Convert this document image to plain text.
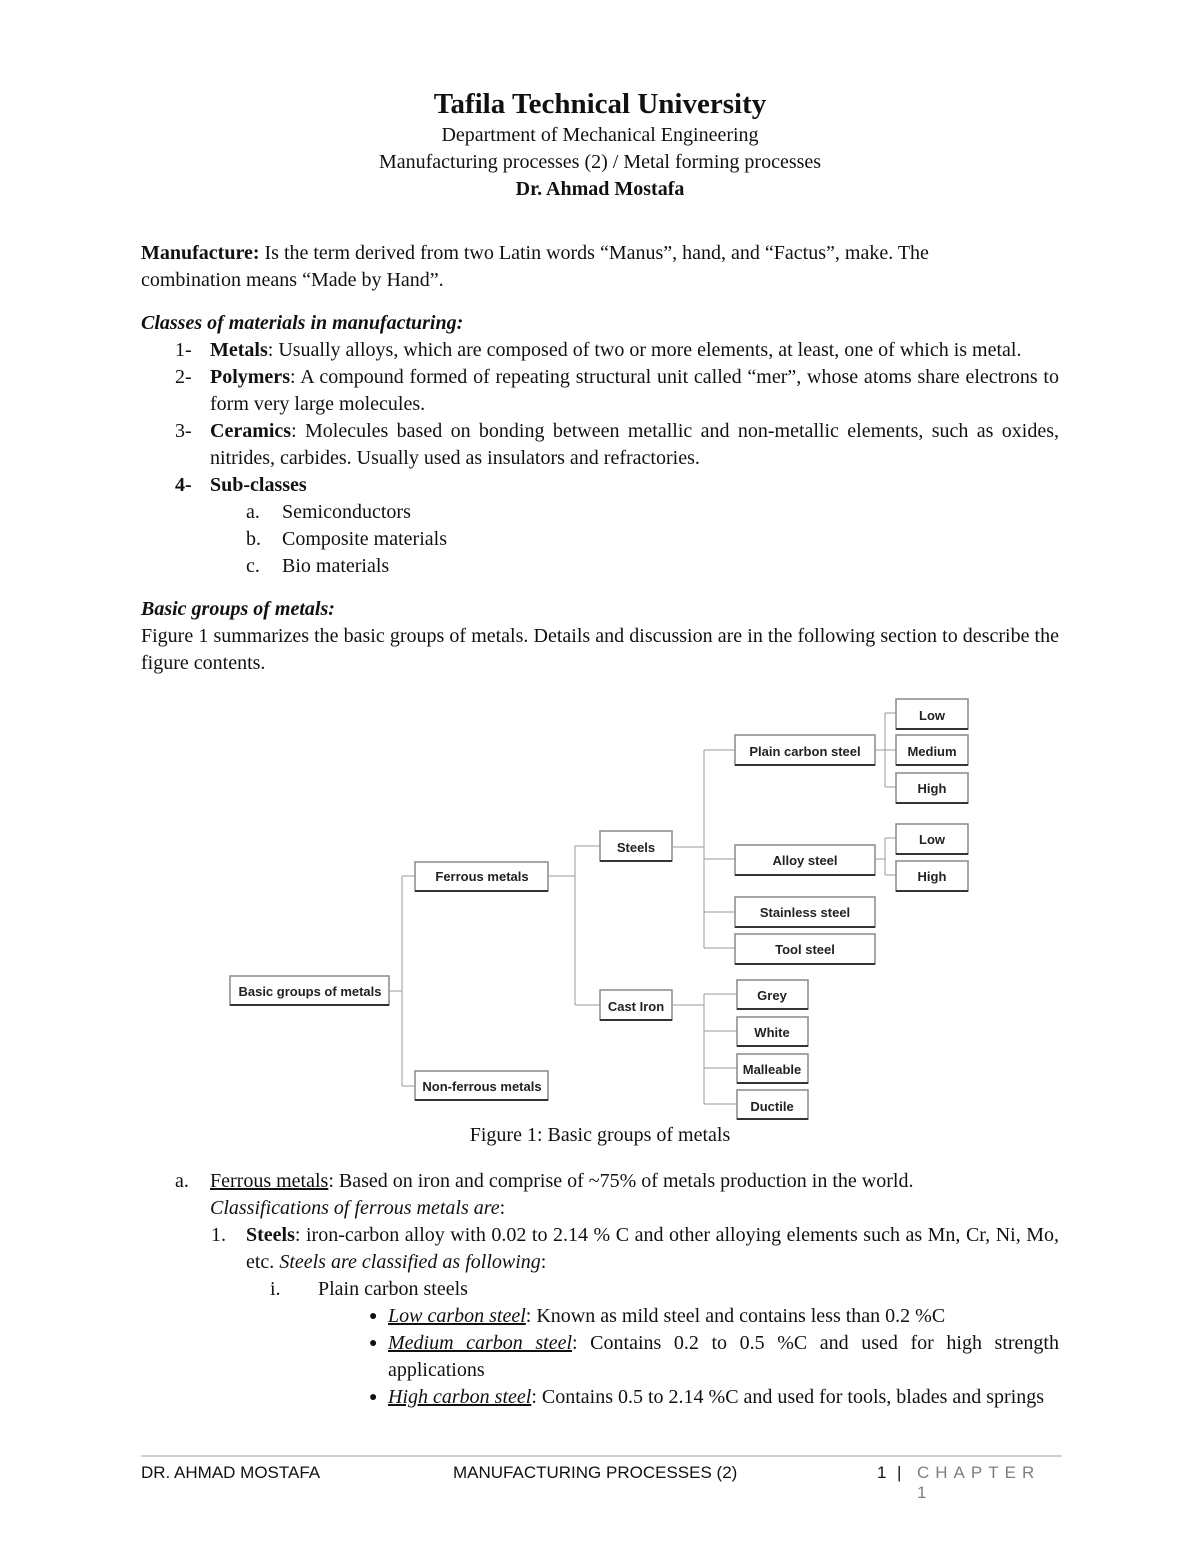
Tafila Technical University
Department of Mechanical Engineering
Manufacturing processes (2) / Metal forming processes
Dr. Ahmad Mostafa

Manufacture: Is the term derived from two Latin words “Manus”, hand, and “Factus”, make. The
combination means “Made by Hand”.

Classes of materials in manufacturing:

1- Metals: Usually alloys, which are composed of two or more elements, at least, one of which is metal.
2- Polymers: A compound formed of repeating structural unit called “mer”, whose atoms share electrons to form very large molecules.
3- Ceramics: Molecules based on bonding between metallic and non-metallic elements, such as oxides, nitrides, carbides. Usually used as insulators and refractories.
4- Sub-classes
a.	Semiconductors
b.	Composite materials
c.	Bio materials

Basic groups of metals:

Figure 1 summarizes the basic groups of metals. Details and discussion are in the following section to describe the figure contents.

Basic groups of metals
Ferrous metals
Non-ferrous metals
Steels
Cast Iron
Plain carbon steel
Alloy steel
Stainless steel
Tool steel
Low
Medium
High
Low
High
Grey
White
Malleable
Ductile
Figure 1: Basic groups of metals
a.	Ferrous metals: Based on iron and comprise of ~75% of metals production in the world.
Classifications of ferrous metals are:
1.	Steels: iron-carbon alloy with 0.02 to 2.14 % C and other alloying elements such as Mn, Cr, Ni, Mo, etc. Steels are classified as following:
i.	Plain carbon steels
● Low carbon steel: Known as mild steel and contains less than 0.2 %C
● Medium carbon steel: Contains 0.2 to 0.5 %C and used for high strength applications
● High carbon steel: Contains 0.5 to 2.14 %C and used for tools, blades and springs
DR. AHMAD MOSTAFA	MANUFACTURING PROCESSES (2)	1 | CHAPTER 1
